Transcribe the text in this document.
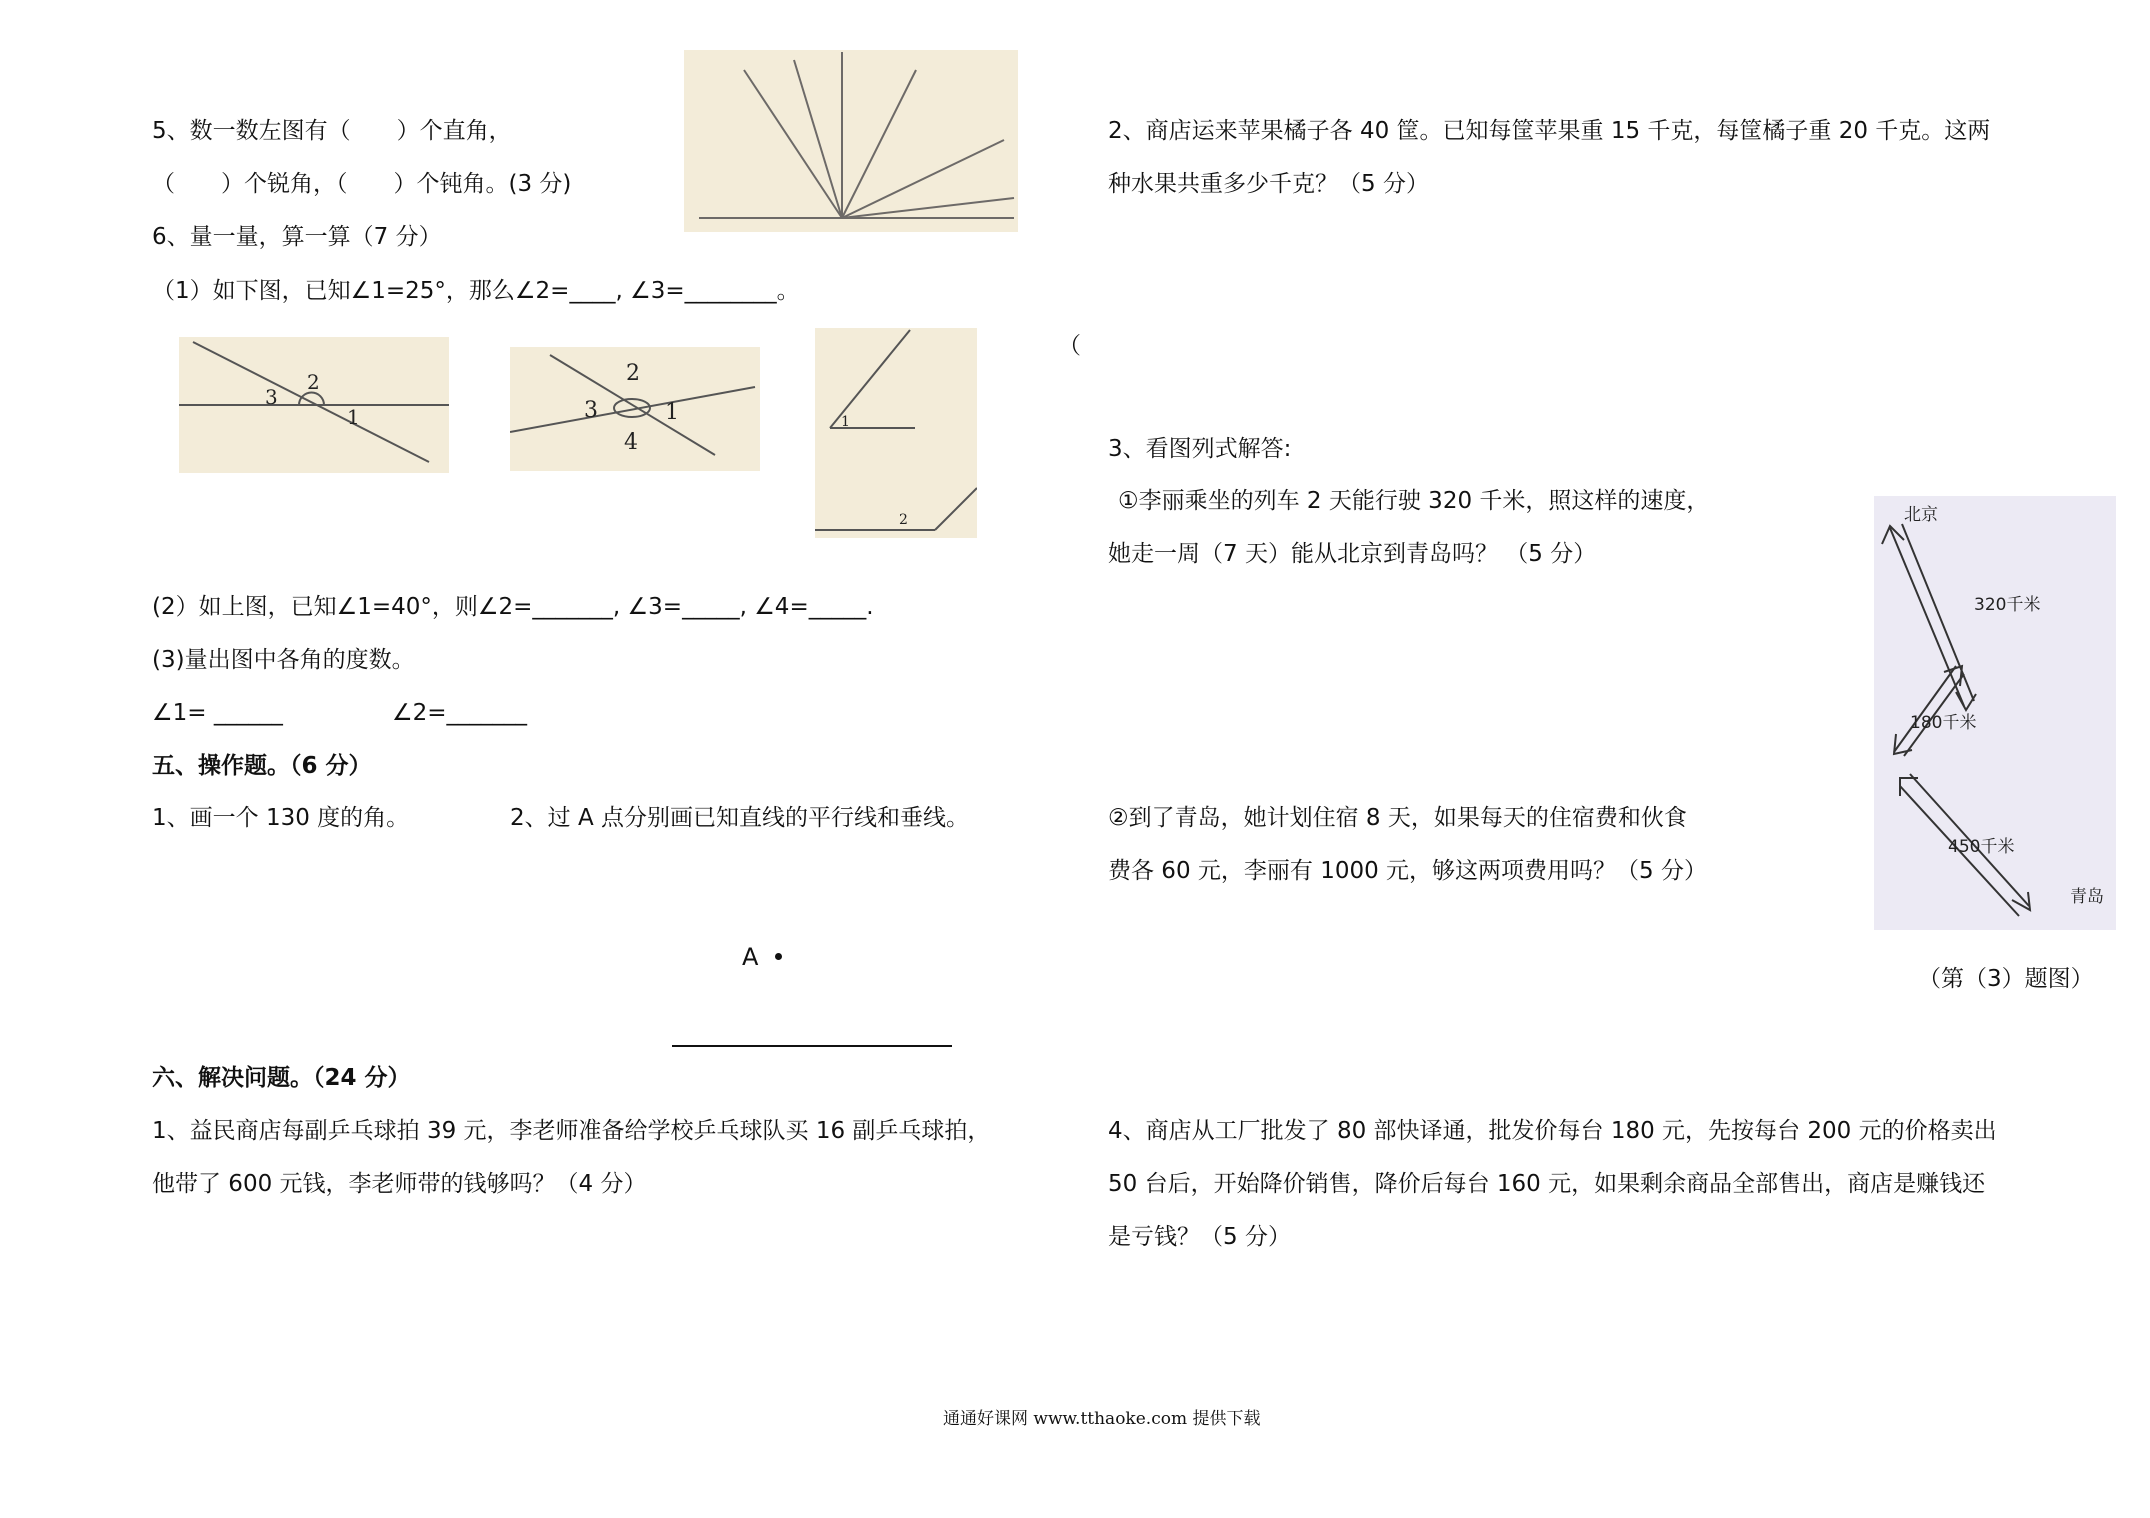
5、数一数左图有（　　）个直角，
（　　）个锐角，（　　）个钝角。(3 分)
6、量一量，算一算（7 分）
（1）如下图，已知∠1=25°，那么∠2=____, ∠3=________。
3
2
1	3
2
1
4
1
2
(2）如上图，已知∠1=40°，则∠2=_______, ∠3=_____, ∠4=_____.
(3)量出图中各角的度数。
∠1= ______	∠2=_______
五、操作题。（6 分）
1、画一个 130 度的角。	2、过 A 点分别画已知直线的平行线和垂线。
A
六、解决问题。（24 分）
1、益民商店每副乒乓球拍 39 元，李老师准备给学校乒乓球队买 16 副乒乓球拍，
他带了 600 元钱，李老师带的钱够吗？（4 分）
（
2、商店运来苹果橘子各 40 筐。已知每筐苹果重 15 千克，每筐橘子重 20 千克。这两
种水果共重多少千克？（5 分）
3、看图列式解答:
①李丽乘坐的列车 2 天能行驶 320 千米，照这样的速度，
她走一周（7 天）能从北京到青岛吗？ （5 分）
②到了青岛，她计划住宿 8 天，如果每天的住宿费和伙食
费各 60 元，李丽有 1000 元，够这两项费用吗？（5 分）
北京
320千米
180千米
450千米
青岛
（第（3）题图）
4、商店从工厂批发了 80 部快译通，批发价每台 180 元，先按每台 200 元的价格卖出
50 台后，开始降价销售，降价后每台 160 元，如果剩余商品全部售出，商店是赚钱还
是亏钱？（5 分）
通通好课网 www.tthaoke.com 提供下载
